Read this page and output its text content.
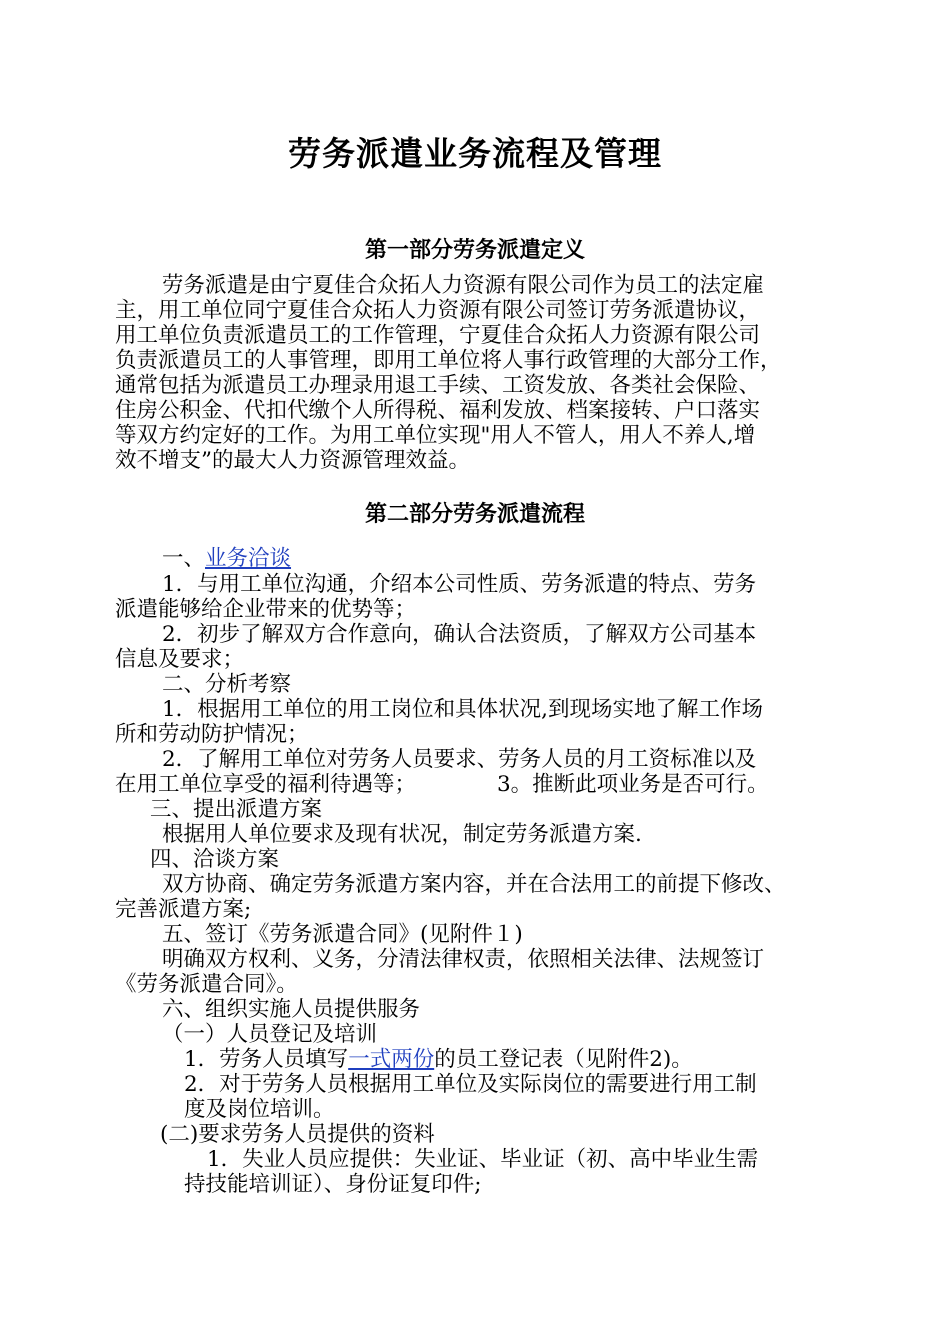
劳务派遣业务流程及管理
第一部分劳务派遣定义
劳务派遣是由宁夏佳合众拓人力资源有限公司作为员工的法定雇
主，用工单位同宁夏佳合众拓人力资源有限公司签订劳务派遣协议，
用工单位负责派遣员工的工作管理，宁夏佳合众拓人力资源有限公司
负责派遣员工的人事管理，即用工单位将人事行政管理的大部分工作，
通常包括为派遣员工办理录用退工手续、工资发放、各类社会保险、
住房公积金、代扣代缴个人所得税、福利发放、档案接转、户口落实
等双方约定好的工作。为用工单位实现"用人不管人，用人不养人,增
效不增支”的最大人力资源管理效益。
第二部分劳务派遣流程
一、业务洽谈
1．与用工单位沟通，介绍本公司性质、劳务派遣的特点、劳务
派遣能够给企业带来的优势等；
2．初步了解双方合作意向，确认合法资质，了解双方公司基本
信息及要求；
二、分析考察
1．根据用工单位的用工岗位和具体状况,到现场实地了解工作场
所和劳动防护情况；
2．了解用工单位对劳务人员要求、劳务人员的月工资标准以及
在用工单位享受的福利待遇等；	3。推断此项业务是否可行。
三、提出派遣方案
根据用人单位要求及现有状况，制定劳务派遣方案.
四、洽谈方案
双方协商、确定劳务派遣方案内容，并在合法用工的前提下修改、
完善派遣方案;
五、签订《劳务派遣合同》(见附件１)
明确双方权利、义务，分清法律权责，依照相关法律、法规签订
《劳务派遣合同》。
六、组织实施人员提供服务
（一）人员登记及培训
1．劳务人员填写一式两份的员工登记表（见附件2)。
2．对于劳务人员根据用工单位及实际岗位的需要进行用工制
度及岗位培训。
(二)要求劳务人员提供的资料
1．失业人员应提供：失业证、毕业证（初、高中毕业生需
持技能培训证）、身份证复印件;
